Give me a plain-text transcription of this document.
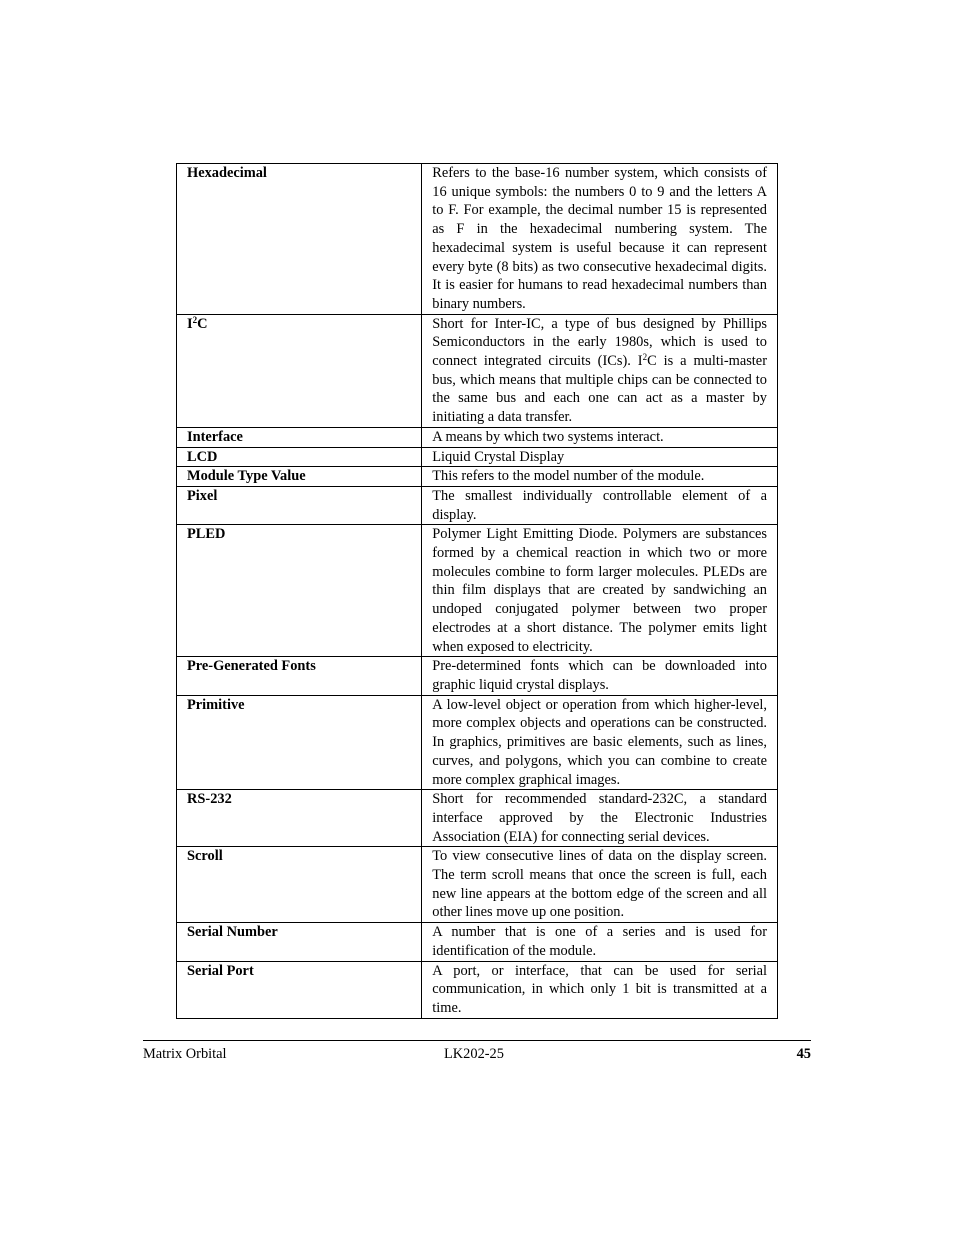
Hexadecimal	Refers to the base-16 number system, which consists of 16 unique symbols: the numbers 0 to 9 and the letters A to F. For example, the decimal number 15 is represented as F in the hexadecimal numbering system. The hexadecimal system is useful because it can represent every byte (8 bits) as two consecutive hexadecimal digits. It is easier for humans to read hexadecimal numbers than binary numbers.
$I^2C$	Short for Inter-IC, a type of bus designed by Phillips Semiconductors in the early 1980s, which is used to connect integrated circuits (ICs). $I^2C$ is a multi-master bus, which means that multiple chips can be connected to the same bus and each one can act as a master by initiating a data transfer.
Interface	A means by which two systems interact.
LCD	Liquid Crystal Display
Module Type Value	This refers to the model number of the module.
Pixel	The smallest individually controllable element of a display.
PLED	Polymer Light Emitting Diode. Polymers are substances formed by a chemical reaction in which two or more molecules combine to form larger molecules. PLEDs are thin film displays that are created by sandwiching an undoped conjugated polymer between two proper electrodes at a short distance. The polymer emits light when exposed to electricity.
Pre-Generated Fonts	Pre-determined fonts which can be downloaded into graphic liquid crystal displays.
Primitive	A low-level object or operation from which higher-level, more complex objects and operations can be constructed. In graphics, primitives are basic elements, such as lines, curves, and polygons, which you can combine to create more complex graphical images.
RS-232	Short for recommended standard-232C, a standard interface approved by the Electronic Industries Association (EIA) for connecting serial devices.
Scroll	To view consecutive lines of data on the display screen. The term scroll means that once the screen is full, each new line appears at the bottom edge of the screen and all other lines move up one position.
Serial Number	A number that is one of a series and is used for identification of the module.
Serial Port	A port, or interface, that can be used for serial communication, in which only 1 bit is transmitted at a time.
Matrix Orbital	LK202-25	45
